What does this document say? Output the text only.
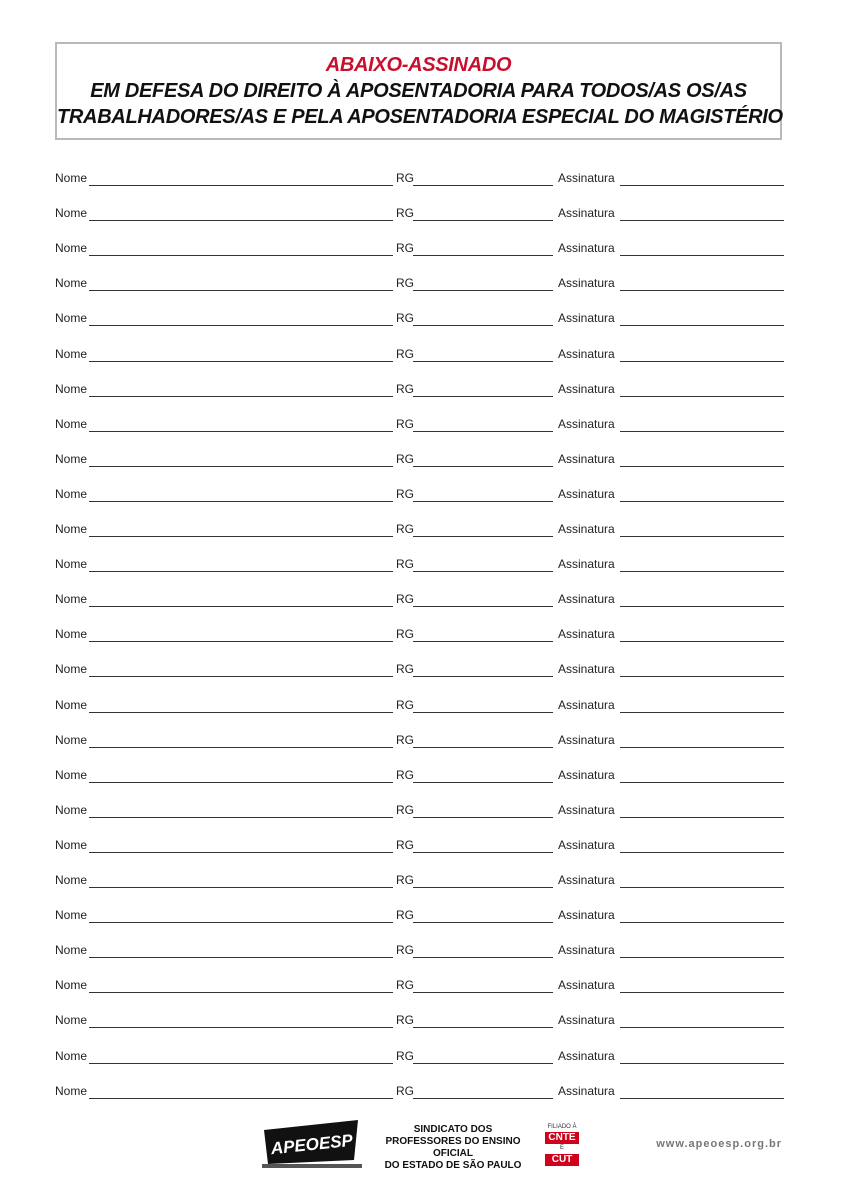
ABAIXO-ASSINADO
EM DEFESA DO DIREITO À APOSENTADORIA PARA TODOS/AS OS/AS
TRABALHADORES/AS E PELA APOSENTADORIA ESPECIAL DO MAGISTÉRIO
Nome	RG	Assinatura
Nome	RG	Assinatura
Nome	RG	Assinatura
Nome	RG	Assinatura
Nome	RG	Assinatura
Nome	RG	Assinatura
Nome	RG	Assinatura
Nome	RG	Assinatura
Nome	RG	Assinatura
Nome	RG	Assinatura
Nome	RG	Assinatura
Nome	RG	Assinatura
Nome	RG	Assinatura
Nome	RG	Assinatura
Nome	RG	Assinatura
Nome	RG	Assinatura
Nome	RG	Assinatura
Nome	RG	Assinatura
Nome	RG	Assinatura
Nome	RG	Assinatura
Nome	RG	Assinatura
Nome	RG	Assinatura
Nome	RG	Assinatura
Nome	RG	Assinatura
Nome	RG	Assinatura
Nome	RG	Assinatura
Nome	RG	Assinatura
APEOESP
SINDICATO DOS
PROFESSORES DO ENSINO OFICIAL
DO ESTADO DE SÃO PAULO
FILIADO À
CNTE
E
CUT
www.apeoesp.org.br
